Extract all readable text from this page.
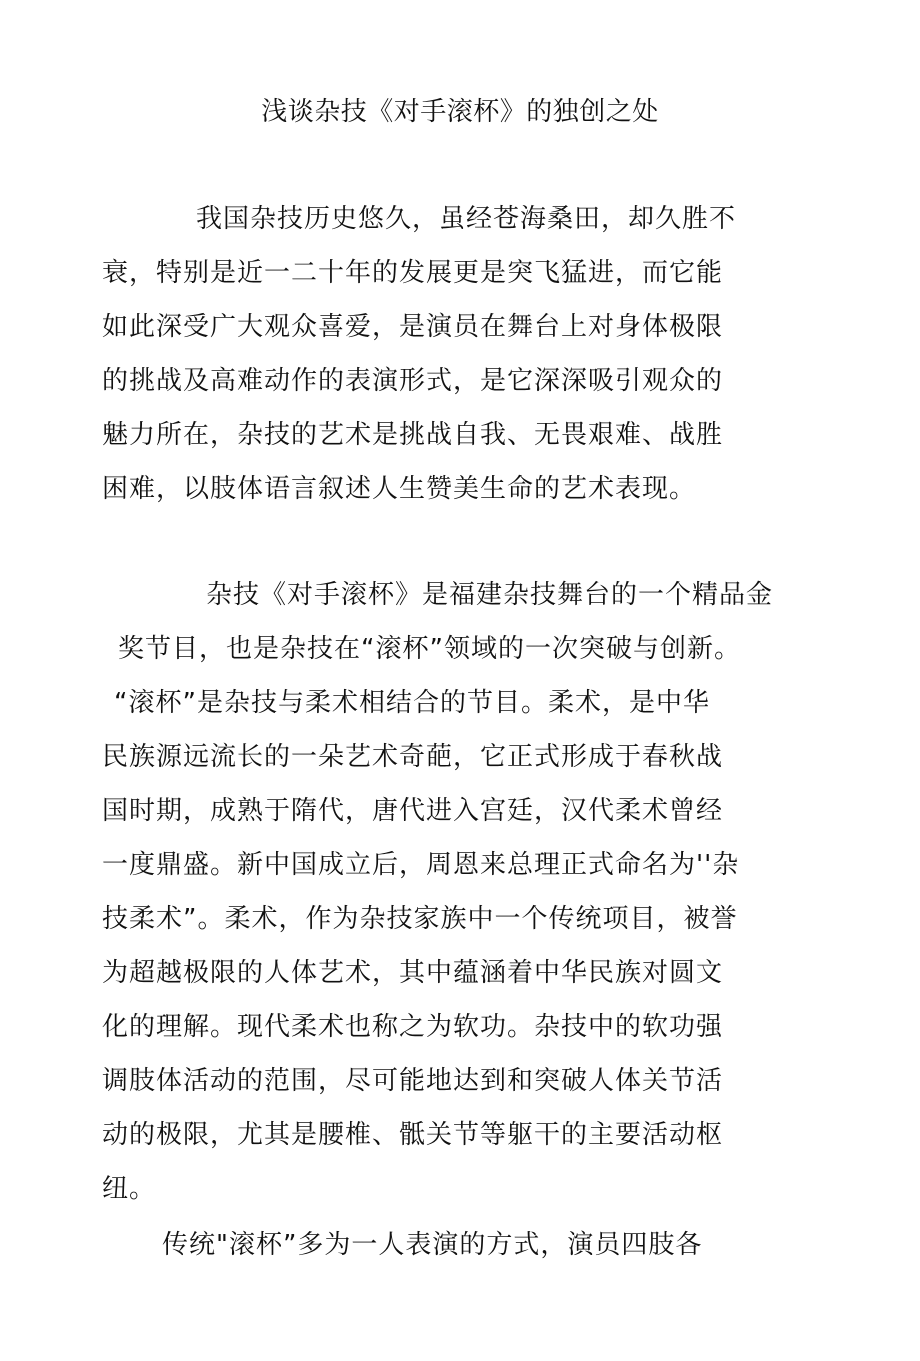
浅谈杂技《对手滚杯》的独创之处
我国杂技历史悠久，虽经苍海桑田，却久胜不
衰，特别是近一二十年的发展更是突飞猛进，而它能
如此深受广大观众喜爱，是演员在舞台上对身体极限
的挑战及高难动作的表演形式，是它深深吸引观众的
魅力所在，杂技的艺术是挑战自我、无畏艰难、战胜
困难，以肢体语言叙述人生赞美生命的艺术表现。
杂技《对手滚杯》是福建杂技舞台的一个精品金
奖节目，也是杂技在“滚杯”领域的一次突破与创新。
“滚杯”是杂技与柔术相结合的节目。柔术，是中华
民族源远流长的一朵艺术奇葩，它正式形成于春秋战
国时期，成熟于隋代，唐代进入宫廷，汉代柔术曾经
一度鼎盛。新中国成立后，周恩来总理正式命名为''杂
技柔术”。柔术，作为杂技家族中一个传统项目，被誉
为超越极限的人体艺术，其中蕴涵着中华民族对圆文
化的理解。现代柔术也称之为软功。杂技中的软功强
调肢体活动的范围，尽可能地达到和突破人体关节活
动的极限，尤其是腰椎、骶关节等躯干的主要活动枢
纽。
传统"滚杯”多为一人表演的方式，演员四肢各
